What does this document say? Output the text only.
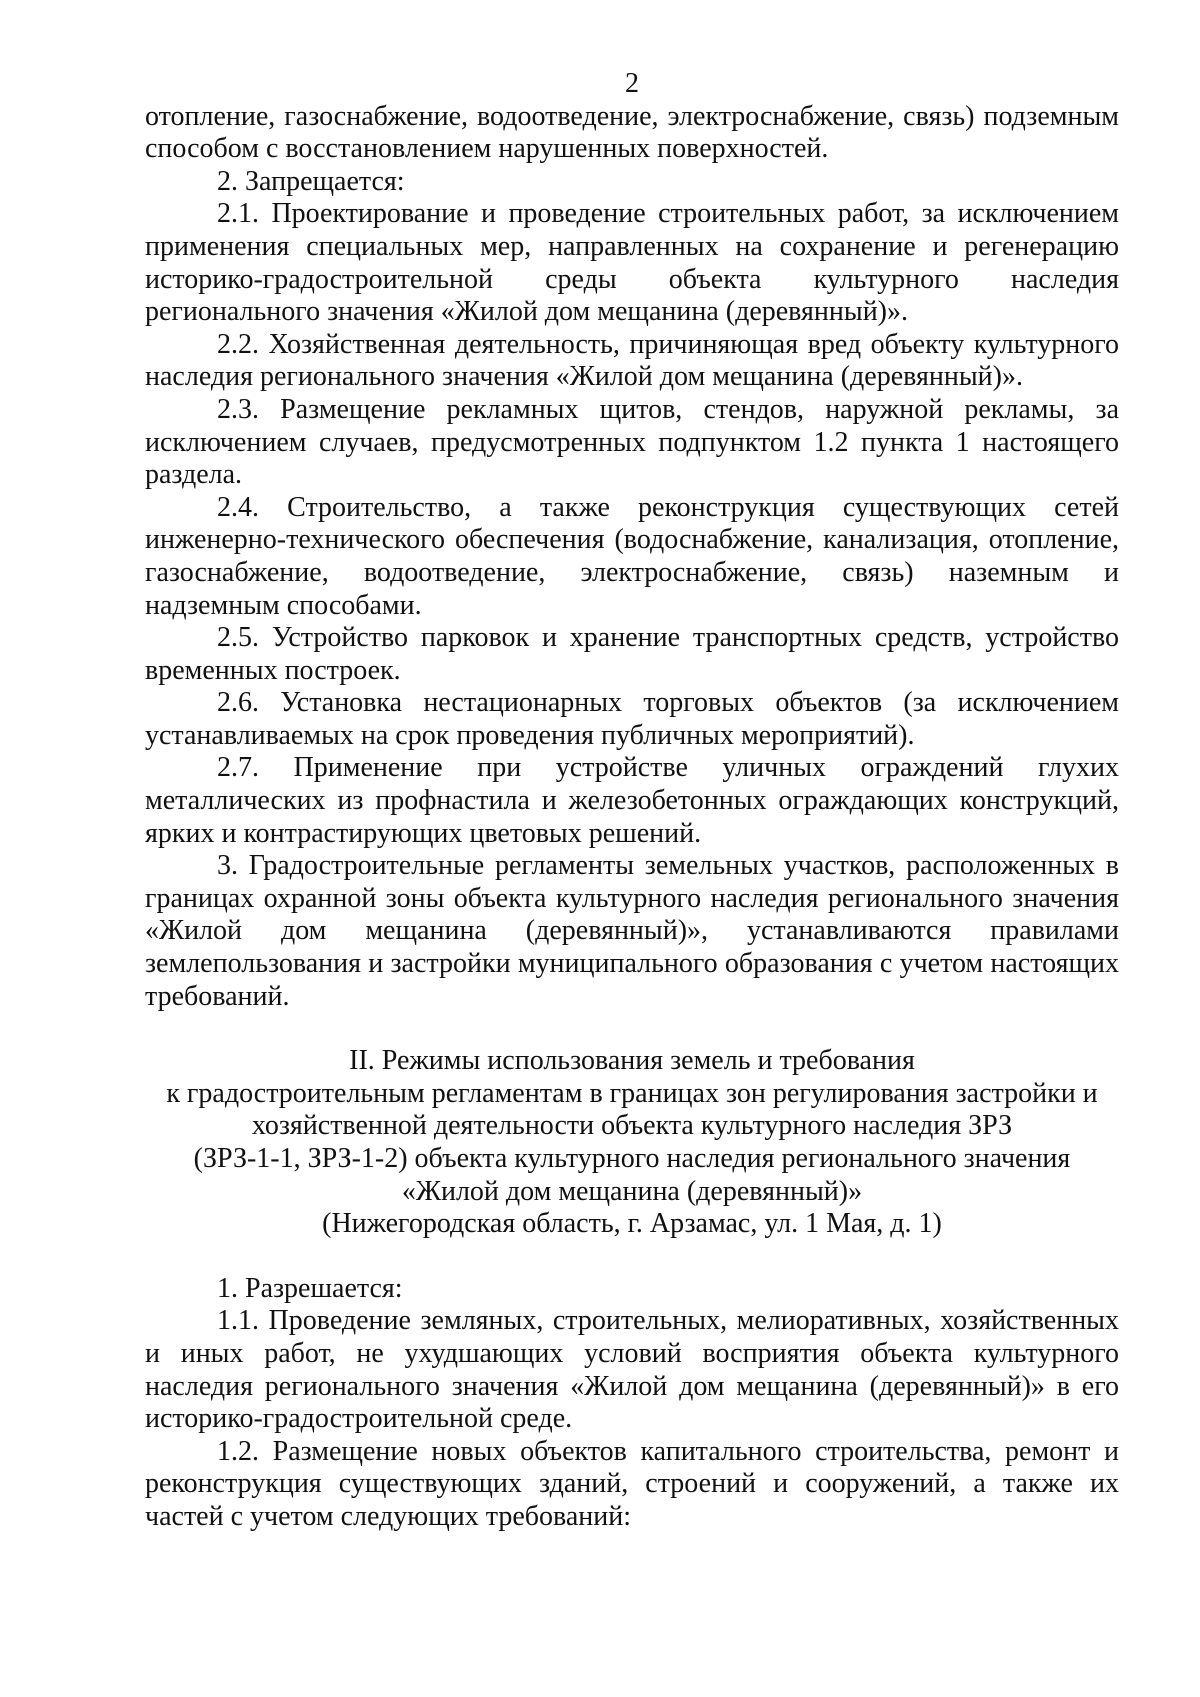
2

отопление, газоснабжение, водоотведение, электроснабжение, связь) подземным способом с восстановлением нарушенных поверхностей.

2. Запрещается:

2.1. Проектирование и проведение строительных работ, за исключением применения специальных мер, направленных на сохранение и регенерацию историко-градостроительной среды объекта культурного наследия регионального значения «Жилой дом мещанина (деревянный)».

2.2. Хозяйственная деятельность, причиняющая вред объекту культурного наследия регионального значения «Жилой дом мещанина (деревянный)».

2.3. Размещение рекламных щитов, стендов, наружной рекламы, за исключением случаев, предусмотренных подпунктом 1.2 пункта 1 настоящего раздела.

2.4. Строительство, а также реконструкция существующих сетей инженерно-технического обеспечения (водоснабжение, канализация, отопление, газоснабжение, водоотведение, электроснабжение, связь) наземным и надземным способами.

2.5. Устройство парковок и хранение транспортных средств, устройство временных построек.

2.6. Установка нестационарных торговых объектов (за исключением устанавливаемых на срок проведения публичных мероприятий).

2.7. Применение при устройстве уличных ограждений глухих металлических из профнастила и железобетонных ограждающих конструкций, ярких и контрастирующих цветовых решений.

3. Градостроительные регламенты земельных участков, расположенных в границах охранной зоны объекта культурного наследия регионального значения «Жилой дом мещанина (деревянный)», устанавливаются правилами землепользования и застройки муниципального образования с учетом настоящих требований.

II. Режимы использования земель и требования
к градостроительным регламентам в границах зон регулирования застройки и
хозяйственной деятельности объекта культурного наследия ЗРЗ
(ЗРЗ-1-1, ЗРЗ-1-2) объекта культурного наследия регионального значения
«Жилой дом мещанина (деревянный)»
(Нижегородская область, г. Арзамас, ул. 1 Мая, д. 1)

1. Разрешается:

1.1. Проведение земляных, строительных, мелиоративных, хозяйственных и иных работ, не ухудшающих условий восприятия объекта культурного наследия регионального значения «Жилой дом мещанина (деревянный)» в его историко-градостроительной среде.

1.2. Размещение новых объектов капитального строительства, ремонт и реконструкция существующих зданий, строений и сооружений, а также их частей с учетом следующих требований:
